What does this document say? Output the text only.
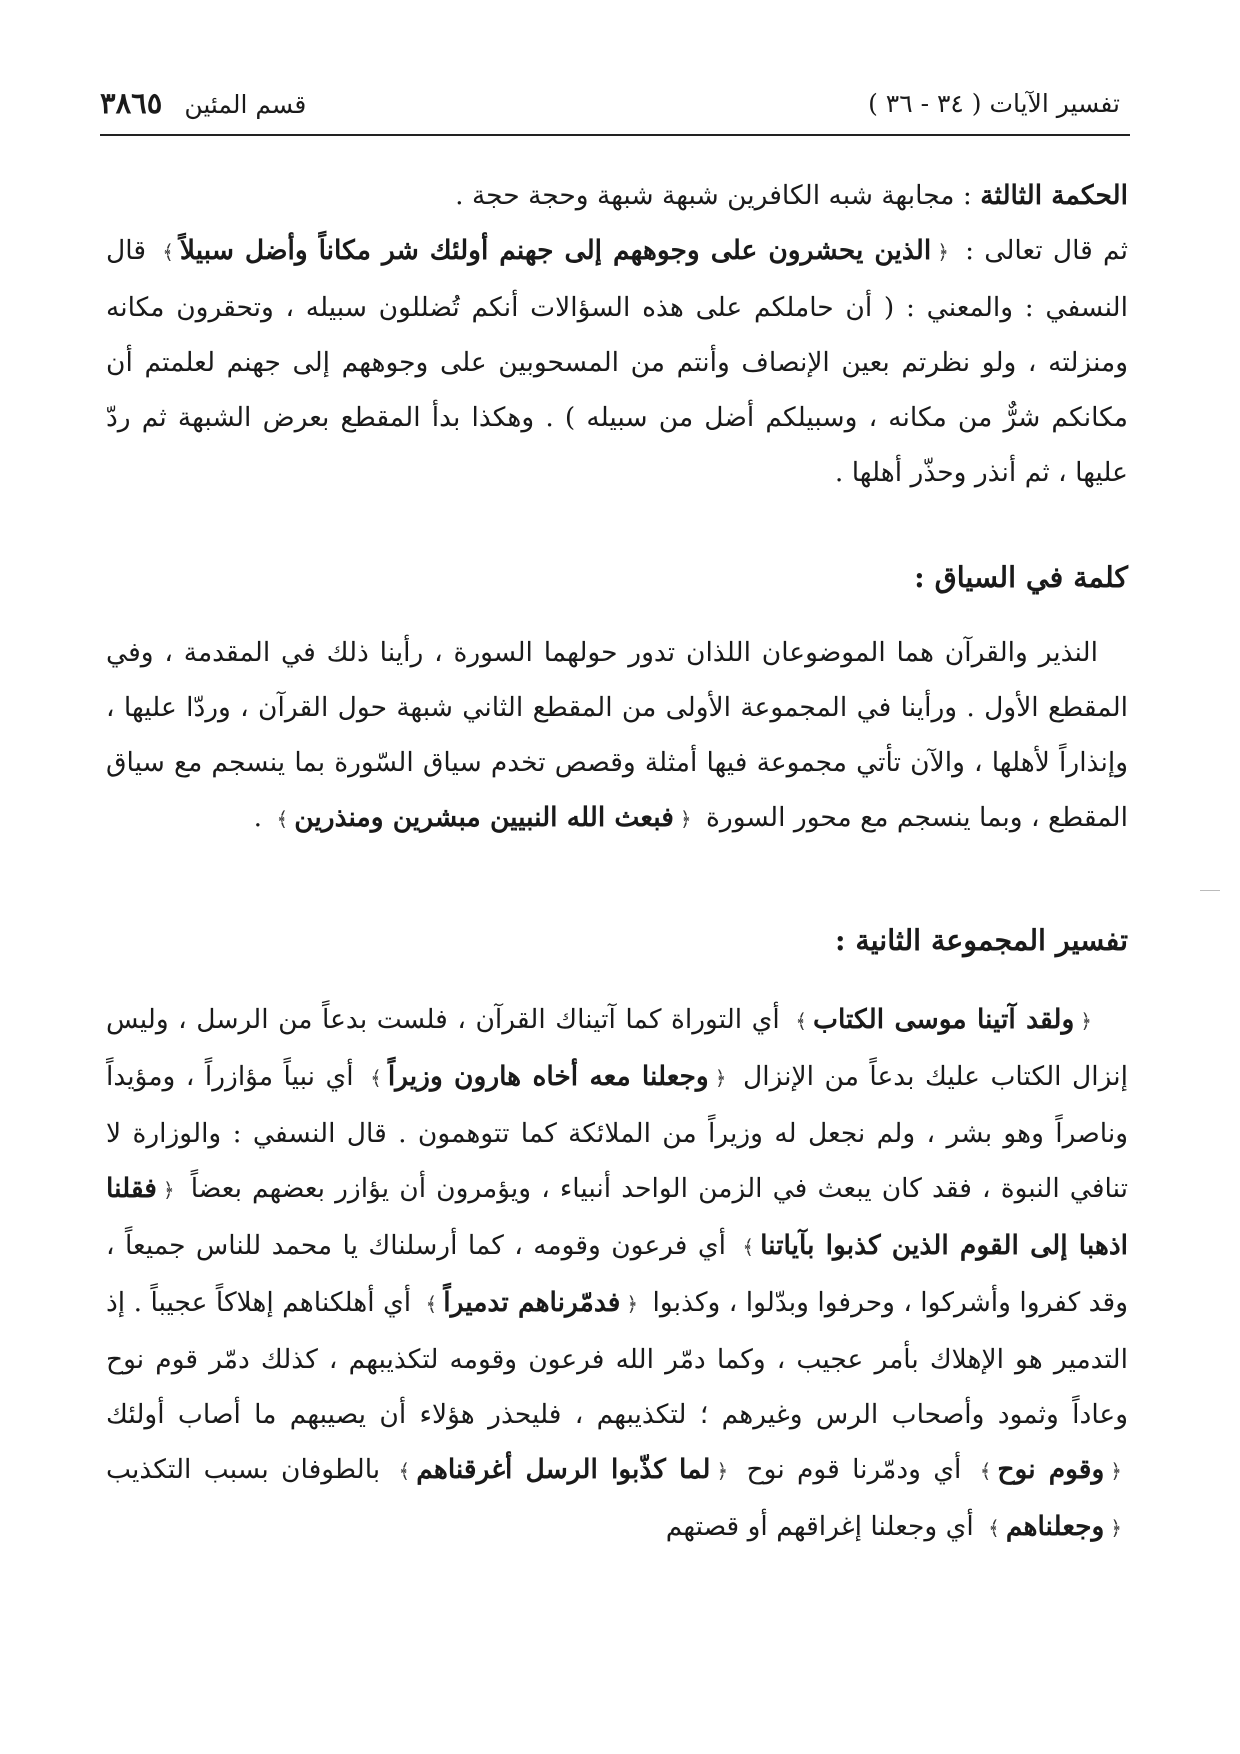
تفسير الآيات ( ٣٤ - ٣٦ )
قسم المئين
٣٨٦٥

الحكمة الثالثة : مجابهة شبه الكافرين شبهة شبهة وحجة حجة .

ثم قال تعالى : ﴿الذين يحشرون على وجوههم إلى جهنم أولئك شر مكاناً وأضل سبيلاً﴾ قال النسفي : والمعني : ( أن حاملكم على هذه السؤالات أنكم تُضللون سبيله ، وتحقرون مكانه ومنزلته ، ولو نظرتم بعين الإنصاف وأنتم من المسحوبين على وجوههم إلى جهنم لعلمتم أن مكانكم شرٌّ من مكانه ، وسبيلكم أضل من سبيله ) . وهكذا بدأ المقطع بعرض الشبهة ثم ردّ عليها ، ثم أنذر وحذّر أهلها .

كلمة في السياق :

النذير والقرآن هما الموضوعان اللذان تدور حولهما السورة ، رأينا ذلك في المقدمة ، وفي المقطع الأول . ورأينا في المجموعة الأولى من المقطع الثاني شبهة حول القرآن ، وردّا عليها ، وإنذاراً لأهلها ، والآن تأتي مجموعة فيها أمثلة وقصص تخدم سياق السّورة بما ينسجم مع سياق المقطع ، وبما ينسجم مع محور السورة ﴿فبعث الله النبيين مبشرين ومنذرين﴾ .

تفسير المجموعة الثانية :

﴿ولقد آتينا موسى الكتاب﴾ أي التوراة كما آتيناك القرآن ، فلست بدعاً من الرسل ، وليس إنزال الكتاب عليك بدعاً من الإنزال ﴿وجعلنا معه أخاه هارون وزيراً﴾ أي نبياً مؤازراً ، ومؤيداً وناصراً وهو بشر ، ولم نجعل له وزيراً من الملائكة كما تتوهمون . قال النسفي : والوزارة لا تنافي النبوة ، فقد كان يبعث في الزمن الواحد أنبياء ، ويؤمرون أن يؤازر بعضهم بعضاً ﴿فقلنا اذهبا إلى القوم الذين كذبوا بآياتنا﴾ أي فرعون وقومه ، كما أرسلناك يا محمد للناس جميعاً ، وقد كفروا وأشركوا ، وحرفوا وبدّلوا ، وكذبوا ﴿فدمّرناهم تدميراً﴾ أي أهلكناهم إهلاكاً عجيباً . إذ التدمير هو الإهلاك بأمر عجيب ، وكما دمّر الله فرعون وقومه لتكذيبهم ، كذلك دمّر قوم نوح وعاداً وثمود وأصحاب الرس وغيرهم ؛ لتكذيبهم ، فليحذر هؤلاء أن يصيبهم ما أصاب أولئك ﴿وقوم نوح﴾ أي ودمّرنا قوم نوح ﴿لما كذّبوا الرسل أغرقناهم﴾ بالطوفان بسبب التكذيب ﴿وجعلناهم﴾ أي وجعلنا إغراقهم أو قصتهم
